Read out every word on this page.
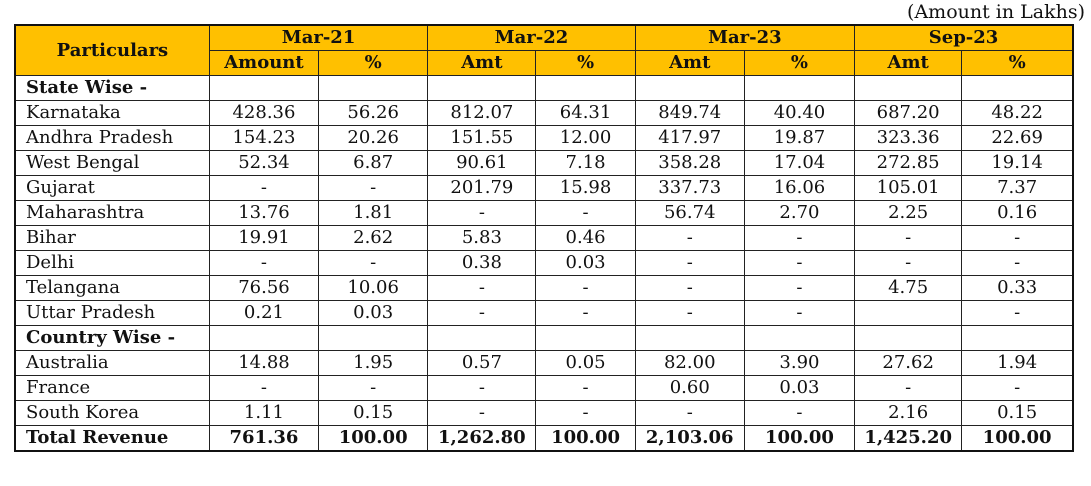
(Amount in Lakhs)
Particulars	Mar-21		Mar-22		Mar-23		Sep-23	
	Amount	%	Amt	%	Amt	%	Amt	%
State Wise -								
Karnataka	428.36	56.26	812.07	64.31	849.74	40.40	687.20	48.22
Andhra Pradesh	154.23	20.26	151.55	12.00	417.97	19.87	323.36	22.69
West Bengal	52.34	6.87	90.61	7.18	358.28	17.04	272.85	19.14
Gujarat	-	-	201.79	15.98	337.73	16.06	105.01	7.37
Maharashtra	13.76	1.81	-	-	56.74	2.70	2.25	0.16
Bihar	19.91	2.62	5.83	0.46	-	-	-	-
Delhi	-	-	0.38	0.03	-	-	-	-
Telangana	76.56	10.06	-	-	-	-	4.75	0.33
Uttar Pradesh	0.21	0.03	-	-	-	-		-
Country Wise -								
Australia	14.88	1.95	0.57	0.05	82.00	3.90	27.62	1.94
France	-	-	-	-	0.60	0.03	-	-
South Korea	1.11	0.15	-	-	-	-	2.16	0.15
Total Revenue	761.36	100.00	1,262.80	100.00	2,103.06	100.00	1,425.20	100.00
